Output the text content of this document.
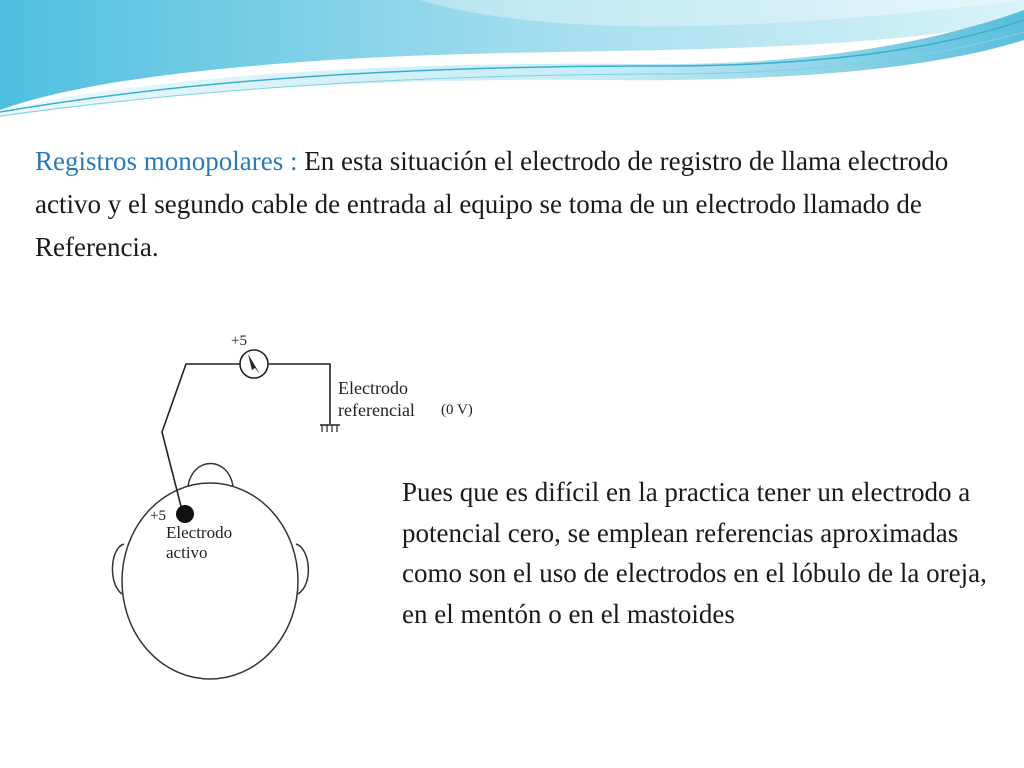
Registros monopolares : En esta situación el electrodo de registro de llama electrodo activo y el segundo cable de entrada al equipo se toma de un electrodo llamado de Referencia.
+5
Electrodo
referencial (0 V)
+5
Electrodo
activo
Pues que es difícil en la practica tener un electrodo a potencial cero, se emplean referencias aproximadas como son el uso de electrodos en el lóbulo de la oreja, en el mentón o en el mastoides
